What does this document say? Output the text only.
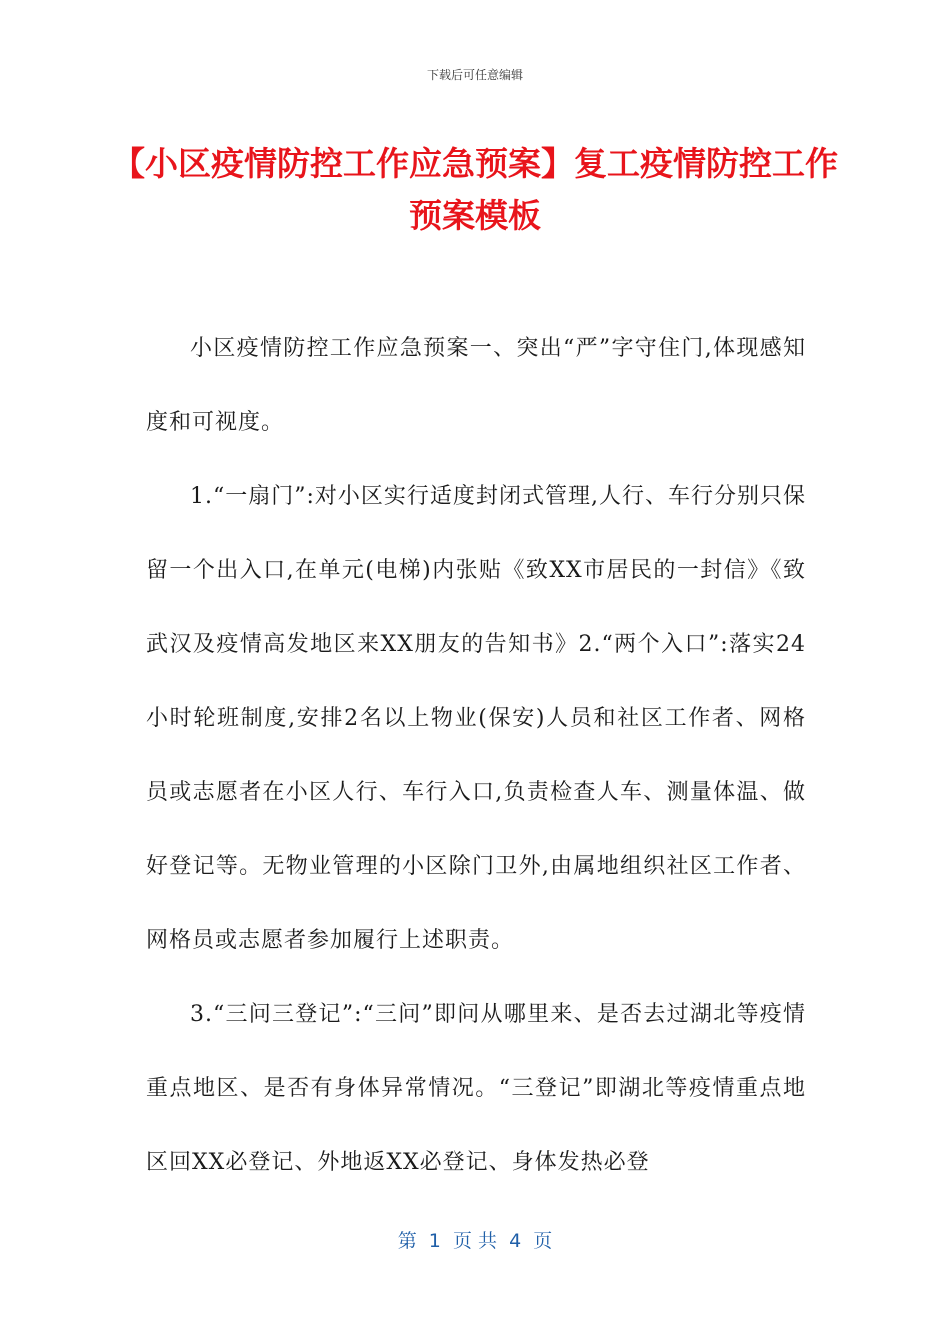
下载后可任意编辑
【小区疫情防控工作应急预案】复工疫情防控工作预案模板

小区疫情防控工作应急预案一、突出“严”字守住门,体现感知度和可视度。

1.“一扇门”:对小区实行适度封闭式管理,人行、车行分别只保留一个出入口,在单元(电梯)内张贴《致XX市居民的一封信》《致武汉及疫情高发地区来XX朋友的告知书》2.“两个入口”:落实24小时轮班制度,安排2名以上物业(保安)人员和社区工作者、网格员或志愿者在小区人行、车行入口,负责检查人车、测量体温、做好登记等。无物业管理的小区除门卫外,由属地组织社区工作者、网格员或志愿者参加履行上述职责。

3.“三问三登记”:“三问”即问从哪里来、是否去过湖北等疫情重点地区、是否有身体异常情况。“三登记”即湖北等疫情重点地区回XX必登记、外地返XX必登记、身体发热必登

第  1  页 共  4  页
